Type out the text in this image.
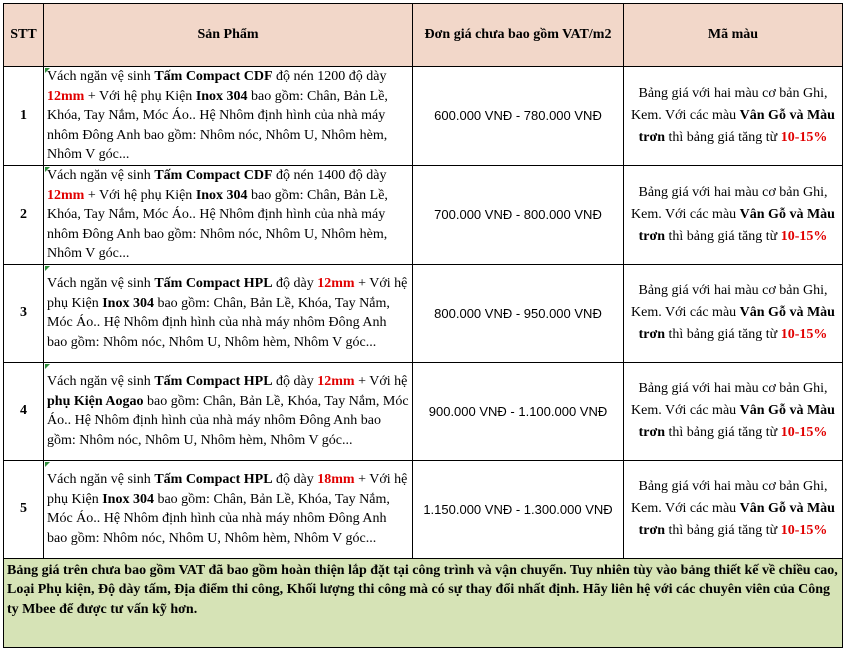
STT	Sản Phẩm	Đơn giá chưa bao gồm VAT/m2	Mã màu
1	Vách ngăn vệ sinh Tấm Compact CDF độ nén 1200 độ dày 12mm + Với hệ phụ Kiện Inox 304 bao gồm: Chân, Bản Lề, Khóa, Tay Nắm, Móc Áo.. Hệ Nhôm định hình của nhà máy nhôm Đông Anh bao gồm: Nhôm nóc, Nhôm U, Nhôm hèm, Nhôm V góc...	600.000 VNĐ - 780.000 VNĐ	Bảng giá với hai màu cơ bản Ghi, Kem. Với các màu Vân Gỗ và Màu trơn thì bảng giá tăng từ 10-15%
2	Vách ngăn vệ sinh Tấm Compact CDF độ nén 1400 độ dày 12mm + Với hệ phụ Kiện Inox 304 bao gồm: Chân, Bản Lề, Khóa, Tay Nắm, Móc Áo.. Hệ Nhôm định hình của nhà máy nhôm Đông Anh bao gồm: Nhôm nóc, Nhôm U, Nhôm hèm, Nhôm V góc...	700.000 VNĐ - 800.000 VNĐ	Bảng giá với hai màu cơ bản Ghi, Kem. Với các màu Vân Gỗ và Màu trơn thì bảng giá tăng từ 10-15%
3	Vách ngăn vệ sinh Tấm Compact HPL độ dày 12mm + Với hệ phụ Kiện Inox 304 bao gồm: Chân, Bản Lề, Khóa, Tay Nắm, Móc Áo.. Hệ Nhôm định hình của nhà máy nhôm Đông Anh bao gồm: Nhôm nóc, Nhôm U, Nhôm hèm, Nhôm V góc...	800.000 VNĐ - 950.000 VNĐ	Bảng giá với hai màu cơ bản Ghi, Kem. Với các màu Vân Gỗ và Màu trơn thì bảng giá tăng từ 10-15%
4	Vách ngăn vệ sinh Tấm Compact HPL độ dày 12mm + Với hệ phụ Kiện Aogao bao gồm: Chân, Bản Lề, Khóa, Tay Nắm, Móc Áo.. Hệ Nhôm định hình của nhà máy nhôm Đông Anh bao gồm: Nhôm nóc, Nhôm U, Nhôm hèm, Nhôm V góc...	900.000 VNĐ - 1.100.000 VNĐ	Bảng giá với hai màu cơ bản Ghi, Kem. Với các màu Vân Gỗ và Màu trơn thì bảng giá tăng từ 10-15%
5	Vách ngăn vệ sinh Tấm Compact HPL độ dày 18mm + Với hệ phụ Kiện Inox 304 bao gồm: Chân, Bản Lề, Khóa, Tay Nắm, Móc Áo.. Hệ Nhôm định hình của nhà máy nhôm Đông Anh bao gồm: Nhôm nóc, Nhôm U, Nhôm hèm, Nhôm V góc...	1.150.000 VNĐ - 1.300.000 VNĐ	Bảng giá với hai màu cơ bản Ghi, Kem. Với các màu Vân Gỗ và Màu trơn thì bảng giá tăng từ 10-15%
Bảng giá trên chưa bao gồm VAT đã bao gồm hoàn thiện lắp đặt tại công trình và vận chuyển. Tuy nhiên tùy vào bảng thiết kế về chiều cao, Loại Phụ kiện, Độ dày tấm, Địa điểm thi công, Khối lượng thi công mà có sự thay đổi nhất định. Hãy liên hệ với các chuyên viên của Công ty Mbee để được tư vấn kỹ hơn.			
